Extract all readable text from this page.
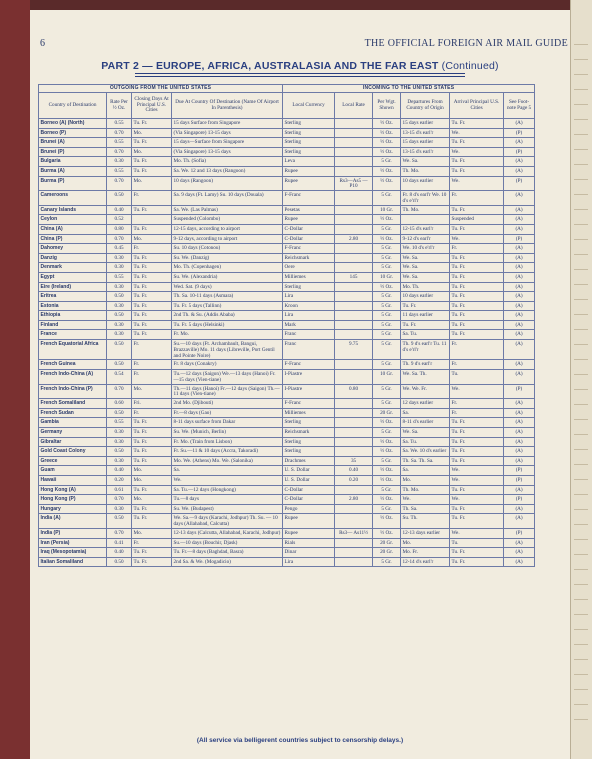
6	THE OFFICIAL FOREIGN AIR MAIL GUIDE
PART 2 — EUROPE, AFRICA, AUSTRALASIA AND THE FAR EAST (Continued)
(All service via belligerent countries subject to censorship delays.)
OUTGOING FROM THE UNITED STATES				INCOMING TO THE UNITED STATES					
Country of Destination	Rate Per ½ Oz.	Closing Days At Principal U.S. Cities	Due At Country Of Destination (Name Of Airport In Parenthesis)	Local Currency	Local Rate	Per Wgt. Shown	Departures From Country of Origin	Arrival Principal U.S. Cities	See Foot-note Page 5
Borneo (A) (North)	0.55	Tu. Fr.	15 days Surface from Singapore	Sterling		½ Oz.	15 days earlier	Tu. Fr.	(A)
Borneo (P)	0.70	Mo.	(Via Singapore) 13-15 days	Sterling		½ Oz.	13-15 d's earl'r	We.	(P)
Brunei (A)	0.55	Tu. Fr.	15 days—Surface from Singapore	Sterling		½ Oz.	15 days earlier	Tu. Fr.	(A)
Brunei (P)	0.70	Mo.	(Via Singapore) 13-15 days	Sterling		½ Oz.	13-15 d's earl'r	We.	(P)
Bulgaria	0.30	Tu. Fr.	Mo. Th. (Sofia)	Leva		5 Gr.	We. Sa.	Tu. Fr.	(A)
Burma (A)	0.55	Tu. Fr.	Sa. We. 12 and 13 days (Rangoon)	Rupee		½ Oz.	Th. Mo.	Tu. Fr.	(A)
Burma (P)	0.70	Mo.	10 days (Rangoon)	Rupee	Rs3—As5 —P10	½ Oz.	10 days earlier	We.	(P)
Cameroons	0.50	Fr.	Sa. 9 days (Ft. Lamy) Su. 10 days (Douala)	F-Franc		5 Gr.	Fr. 8 d's earl'r We. 10 d's e'rl'r	Fr.	(A)
Canary Islands	0.40	Tu. Fr.	Sa. We. (Las Palmas)	Pesetas		10 Gr.	Th. Mo.	Tu. Fr.	(A)
Ceylon	0.52		Suspended (Colombo)	Rupee		½ Oz.		Suspended	(A)
China (A)	0.80	Tu. Fr.	12-15 days, according to airport	C-Dollar		5 Gr.	12-15 d's earl'r	Tu. Fr.	(A)
China (P)	0.70	Mo.	9-12 days, according to airport	C-Dollar	2.80	½ Oz.	9-12 d's earl'r	We.	(P)
Dahomey	0.45	Fr.	Su. 10 days (Cotonou)	F-Franc		5 Gr.	We. 10 d's e'rl'r	Fr.	(A)
Danzig	0.30	Tu. Fr.	Su. We. (Danzig)	Reichsmark		5 Gr.	We. Sa.	Tu. Fr.	(A)
Denmark	0.30	Tu. Fr.	Mo. Th. (Copenhagen)	Oere		5 Gr.	We. Sa.	Tu. Fr.	(A)
Egypt	0.55	Tu. Fr.	Su. We. (Alexandria)	Milliemes	145	10 Gr.	We. Sa.	Tu. Fr.	(A)
Eire (Ireland)	0.30	Tu. Fr.	Wed. Sat. (9 days)	Sterling		½ Oz.	Mo. Th.	Tu. Fr.	(A)
Eritrea	0.50	Tu. Fr.	Th. Sa. 10-11 days (Asmara)	Lira		5 Gr.	10 days earlier	Tu. Fr.	(A)
Estonia	0.30	Tu. Fr.	Tu. Fr. 5 days (Tallinn)	Kroon		5 Gr.	Tu. Fr.	Tu. Fr.	(A)
Ethiopia	0.50	Tu. Fr.	2nd Th. & Su. (Addis Ababa)	Lira		5 Gr.	11 days earlier	Tu. Fr.	(A)
Finland	0.30	Tu. Fr.	Tu. Fr. 5 days (Helsinki)	Mark		5 Gr.	Tu. Fr.	Tu. Fr.	(A)
France	0.30	Tu. Fr.	Fr. Mo.	Franc		5 Gr.	Sa. Tu.	Tu. Fr.	(A)
French Equatorial Africa	0.50	Fr.	Su.—10 days (Ft. Archambault, Bangui, Brazzaville) Mo. 11 days (Libreville, Port Gentil and Pointe Noire)	Franc	9.75	5 Gr.	Th. 9 d's earl'r Tu. 11 d's e'rl'r	Fr.	(A)
French Guinea	0.50	Fr.	Fr. 8 days (Conakry)	F-Franc		5 Gr.	Th. 9 d's earl'r	Fr.	(A)
French Indo-China (A)	0.54	Fr.	Tu.—12 days (Saigon) We.—13 days (Hanoi) Fr.—15 days (Vien-tiane)	I-Piastre		10 Gr.	We. Sa. Th.	Tu.	(A)
French Indo-China (P)	0.70	Mo.	Th.—11 days (Hanoi) Fr.—12 days (Saigon) Th.—11 days (Vien-tiane)	I-Piastre	0.80	5 Gr.	We. We. Fr.	We.	(P)
French Somaliland	0.60	Fri.	2nd Mo. (Djibouti)	F-Franc		5 Gr.	12 days earlier	Fr.	(A)
French Sudan	0.50	Fr.	Fr.—8 days (Gao)	Milliemes		20 Gr.	Sa.	Fr.	(A)
Gambia	0.55	Tu. Fr.	8-11 days surface from Dakar	Sterling		½ Oz.	8-11 d's earlier	Tu. Fr.	(A)
Germany	0.30	Tu. Fr.	Su. We. (Munich, Berlin)	Reichsmark		5 Gr.	We. Sa.	Tu. Fr.	(A)
Gibraltar	0.30	Tu. Fr.	Fr. Mo. (Train from Lisbon)	Sterling		½ Oz.	Sa. Tu.	Tu. Fr.	(A)
Gold Coast Colony	0.50	Tu. Fr.	Fr. Su.—11 & 10 days (Accra, Takoradi)	Sterling		½ Oz.	Sa. We. 10 d's earlier	Tu. Fr.	(A)
Greece	0.30	Tu. Fr.	Mo. We. (Athens) Mo. We. (Salonika)	Drachmes	35	5 Gr.	Th. Sa. Th. Sa.	Tu. Fr.	(A)
Guam	0.40	Mo.	Sa.	U. S. Dollar	0.40	½ Oz.	Sa.	We.	(P)
Hawaii	0.20	Mo.	We.	U. S. Dollar	0.20	½ Oz.	Mo.	We.	(P)
Hong Kong (A)	0.61	Tu. Fr.	Sa. Tu.—12 days (Hongkong)	C-Dollar		5 Gr.	Th. Mo.	Tu. Fr.	(A)
Hong Kong (P)	0.70	Mo.	Tu.—8 days	C-Dollar	2.80	½ Oz.	We.	We.	(P)
Hungary	0.30	Tu. Fr.	Su. We. (Budapest)	Pengo		5 Gr.	Th. Sa.	Tu. Fr.	(A)
India (A)	0.50	Tu. Fr.	We. Sa.—9 days (Karachi, Jodhpur) Th. Su. — 10 days (Allahabad, Calcutta)	Rupee		½ Oz.	Su. Th.	Tu. Fr.	(A)
India (P)	0.70	Mo.	12-13 days (Calcutta, Allahabad, Karachi, Jodhpur)	Rupee	Rs3— As11½	½ Oz.	12-13 days earlier	We.	(P)
Iran (Persia)	0.41	Fr.	Su.—10 days (Bouchir, Djask)	Rials		20 Gr.	Mo.	Tu.	(A)
Iraq (Mesopotamia)	0.40	Tu. Fr.	Tu. Fr.—8 days (Baghdad, Basra)	Dinar		20 Gr.	Mo. Fr.	Tu. Fr.	(A)
Italian Somaliland	0.50	Tu. Fr.	2nd Sa. & We. (Mogadicio)	Lira		5 Gr.	12-14 d's earl'r	Tu. Fr.	(A)
